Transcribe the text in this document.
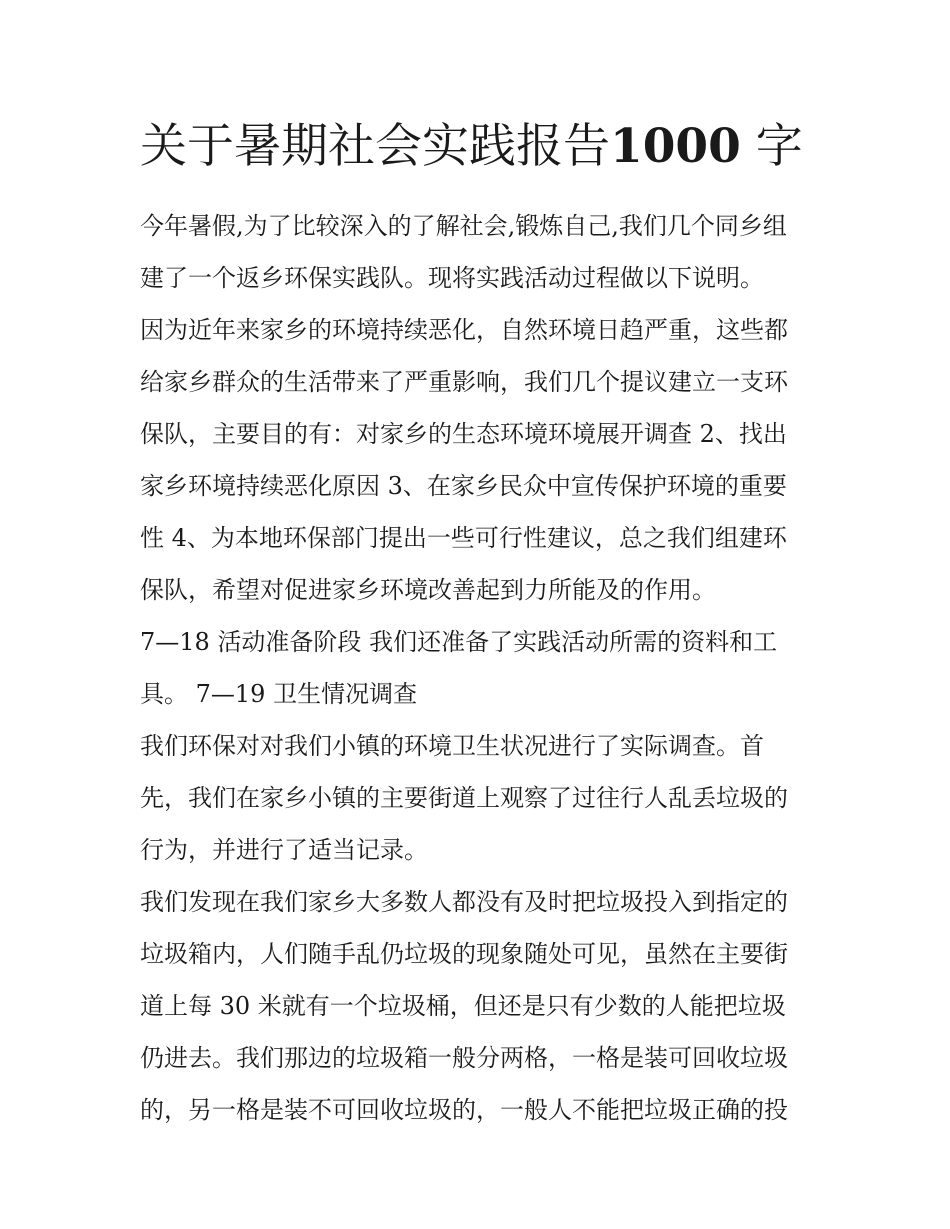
关于暑期社会实践报告1000 字

今年暑假,为了比较深入的了解社会,锻炼自己,我们几个同乡组
建了一个返乡环保实践队。现将实践活动过程做以下说明。

因为近年来家乡的环境持续恶化，自然环境日趋严重，这些都
给家乡群众的生活带来了严重影响，我们几个提议建立一支环
保队，主要目的有：对家乡的生态环境环境展开调查 2、找出
家乡环境持续恶化原因 3、在家乡民众中宣传保护环境的重要
性 4、为本地环保部门提出一些可行性建议，总之我们组建环
保队，希望对促进家乡环境改善起到力所能及的作用。

7—18 活动准备阶段 我们还准备了实践活动所需的资料和工
具。 7—19 卫生情况调查

我们环保对对我们小镇的环境卫生状况进行了实际调查。首
先，我们在家乡小镇的主要街道上观察了过往行人乱丢垃圾的
行为，并进行了适当记录。

我们发现在我们家乡大多数人都没有及时把垃圾投入到指定的
垃圾箱内，人们随手乱仍垃圾的现象随处可见，虽然在主要街
道上每 30 米就有一个垃圾桶，但还是只有少数的人能把垃圾
仍进去。我们那边的垃圾箱一般分两格，一格是装可回收垃圾
的，另一格是装不可回收垃圾的，一般人不能把垃圾正确的投
